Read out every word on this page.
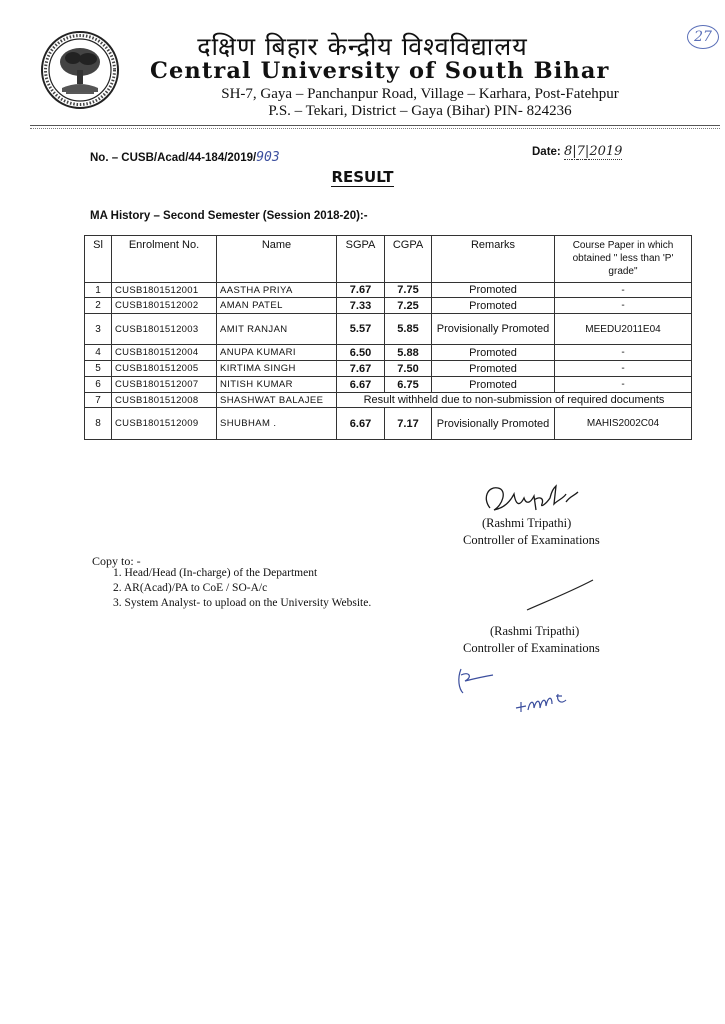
दक्षिण बिहार केन्द्रीय विश्वविद्यालय
Central University of South Bihar
SH-7, Gaya – Panchanpur Road, Village – Karhara, Post-Fatehpur
P.S. – Tekari, District – Gaya (Bihar) PIN- 824236
27
No. – CUSB/Acad/44-184/2019/903	Date: 8|7|2019
RESULT
MA History – Second Semester (Session 2018-20):-
Sl	Enrolment No.	Name	SGPA	CGPA	Remarks	Course Paper in which obtained " less than 'P' grade"
1	CUSB1801512001	AASTHA PRIYA	7.67	7.75	Promoted	-
2	CUSB1801512002	AMAN PATEL	7.33	7.25	Promoted	-
3	CUSB1801512003	AMIT RANJAN	5.57	5.85	Provisionally Promoted	MEEDU2011E04
4	CUSB1801512004	ANUPA KUMARI	6.50	5.88	Promoted	-
5	CUSB1801512005	KIRTIMA SINGH	7.67	7.50	Promoted	-
6	CUSB1801512007	NITISH KUMAR	6.67	6.75	Promoted	-
7	CUSB1801512008	SHASHWAT BALAJEE	Result withheld due to non-submission of required documents			
8	CUSB1801512009	SHUBHAM .	6.67	7.17	Provisionally Promoted	MAHIS2002C04
(Rashmi Tripathi)
Controller of Examinations
Copy to: -
1. Head/Head (In-charge) of the Department
2. AR(Acad)/PA to CoE / SO-A/c
3. System Analyst- to upload on the University Website.
(Rashmi Tripathi)
Controller of Examinations
